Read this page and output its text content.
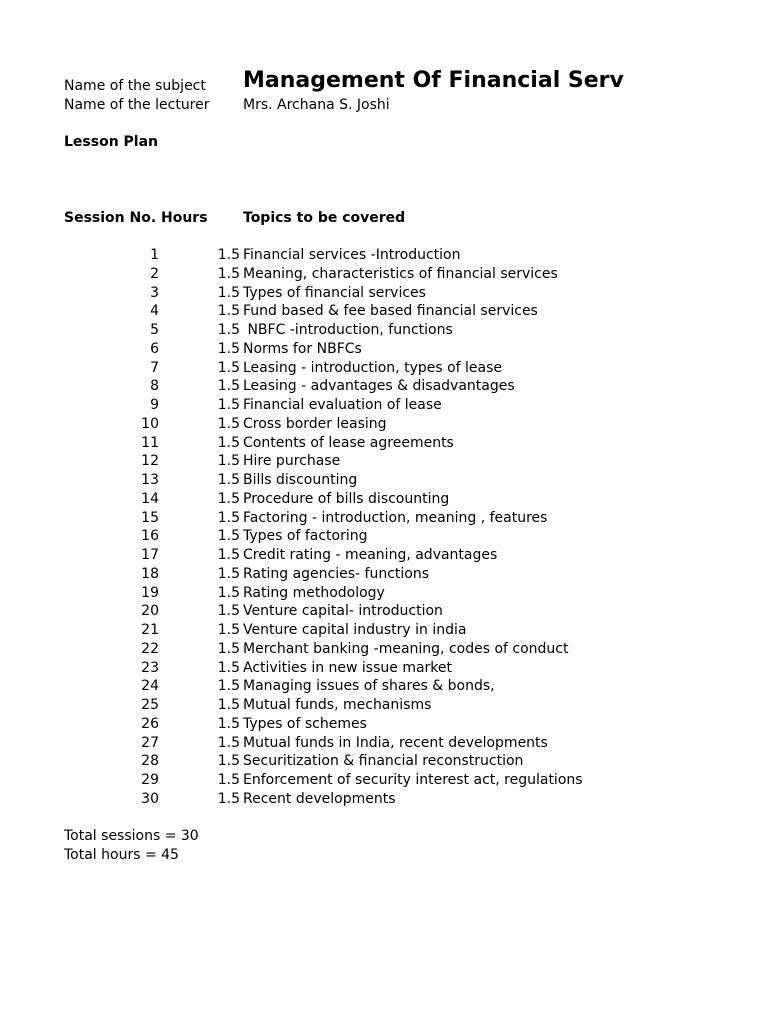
Name of the subject Management Of Financial Serv
Name of the lecturer Mrs. Archana S. Joshi
Lesson Plan
Session No. Hours	Topics to be covered
1	1.5 Financial services -Introduction
2	1.5 Meaning, characteristics of financial services
3	1.5 Types of financial services
4	1.5 Fund based & fee based financial services
5	1.5 NBFC -introduction, functions
6	1.5 Norms for NBFCs
7	1.5 Leasing - introduction, types of lease
8	1.5 Leasing - advantages & disadvantages
9	1.5 Financial evaluation of lease
10	1.5 Cross border leasing
11	1.5 Contents of lease agreements
12	1.5 Hire purchase
13	1.5 Bills discounting
14	1.5 Procedure of bills discounting
15	1.5 Factoring - introduction, meaning , features
16	1.5 Types of factoring
17	1.5 Credit rating - meaning, advantages
18	1.5 Rating agencies- functions
19	1.5 Rating methodology
20	1.5 Venture capital- introduction
21	1.5 Venture capital industry in india
22	1.5 Merchant banking -meaning, codes of conduct
23	1.5 Activities in new issue market
24	1.5 Managing issues of shares & bonds,
25	1.5 Mutual funds, mechanisms
26	1.5 Types of schemes
27	1.5 Mutual funds in India, recent developments
28	1.5 Securitization & financial reconstruction
29	1.5 Enforcement of security interest act, regulations
30	1.5 Recent developments
Total sessions = 30
Total hours = 45
